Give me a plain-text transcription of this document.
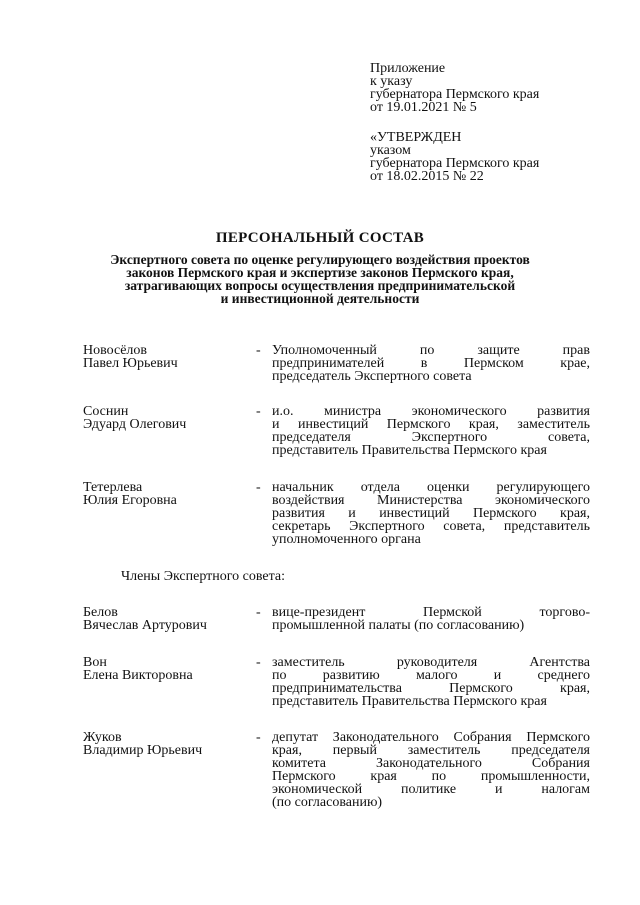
Приложение
к указу
губернатора Пермского края
от 19.01.2021 № 5
«УТВЕРЖДЕН
указом
губернатора Пермского края
от 18.02.2015 № 22
ПЕРСОНАЛЬНЫЙ СОСТАВ
Экспертного совета по оценке регулирующего воздействия проектов
законов Пермского края и экспертизе законов Пермского края,
затрагивающих вопросы осуществления предпринимательской
и инвестиционной деятельности
Новосёлов
Павел Юрьевич
- Уполномоченный по защите прав
предпринимателей в Пермском крае,
председатель Экспертного совета
Соснин
Эдуард Олегович
- и.о. министра экономического развития
и инвестиций Пермского края, заместитель
председателя Экспертного совета,
представитель Правительства Пермского края
Тетерлева
Юлия Егоровна
- начальник отдела оценки регулирующего
воздействия Министерства экономического
развития и инвестиций Пермского края,
секретарь Экспертного совета, представитель
уполномоченного органа
Члены Экспертного совета:
Белов
Вячеслав Артурович
- вице-президент Пермской торгово-
промышленной палаты (по согласованию)
Вон
Елена Викторовна
- заместитель руководителя Агентства
по развитию малого и среднего
предпринимательства Пермского края,
представитель Правительства Пермского края
Жуков
Владимир Юрьевич
- депутат Законодательного Собрания Пермского
края, первый заместитель председателя
комитета Законодательного Собрания
Пермского края по промышленности,
экономической политике и налогам
(по согласованию)
